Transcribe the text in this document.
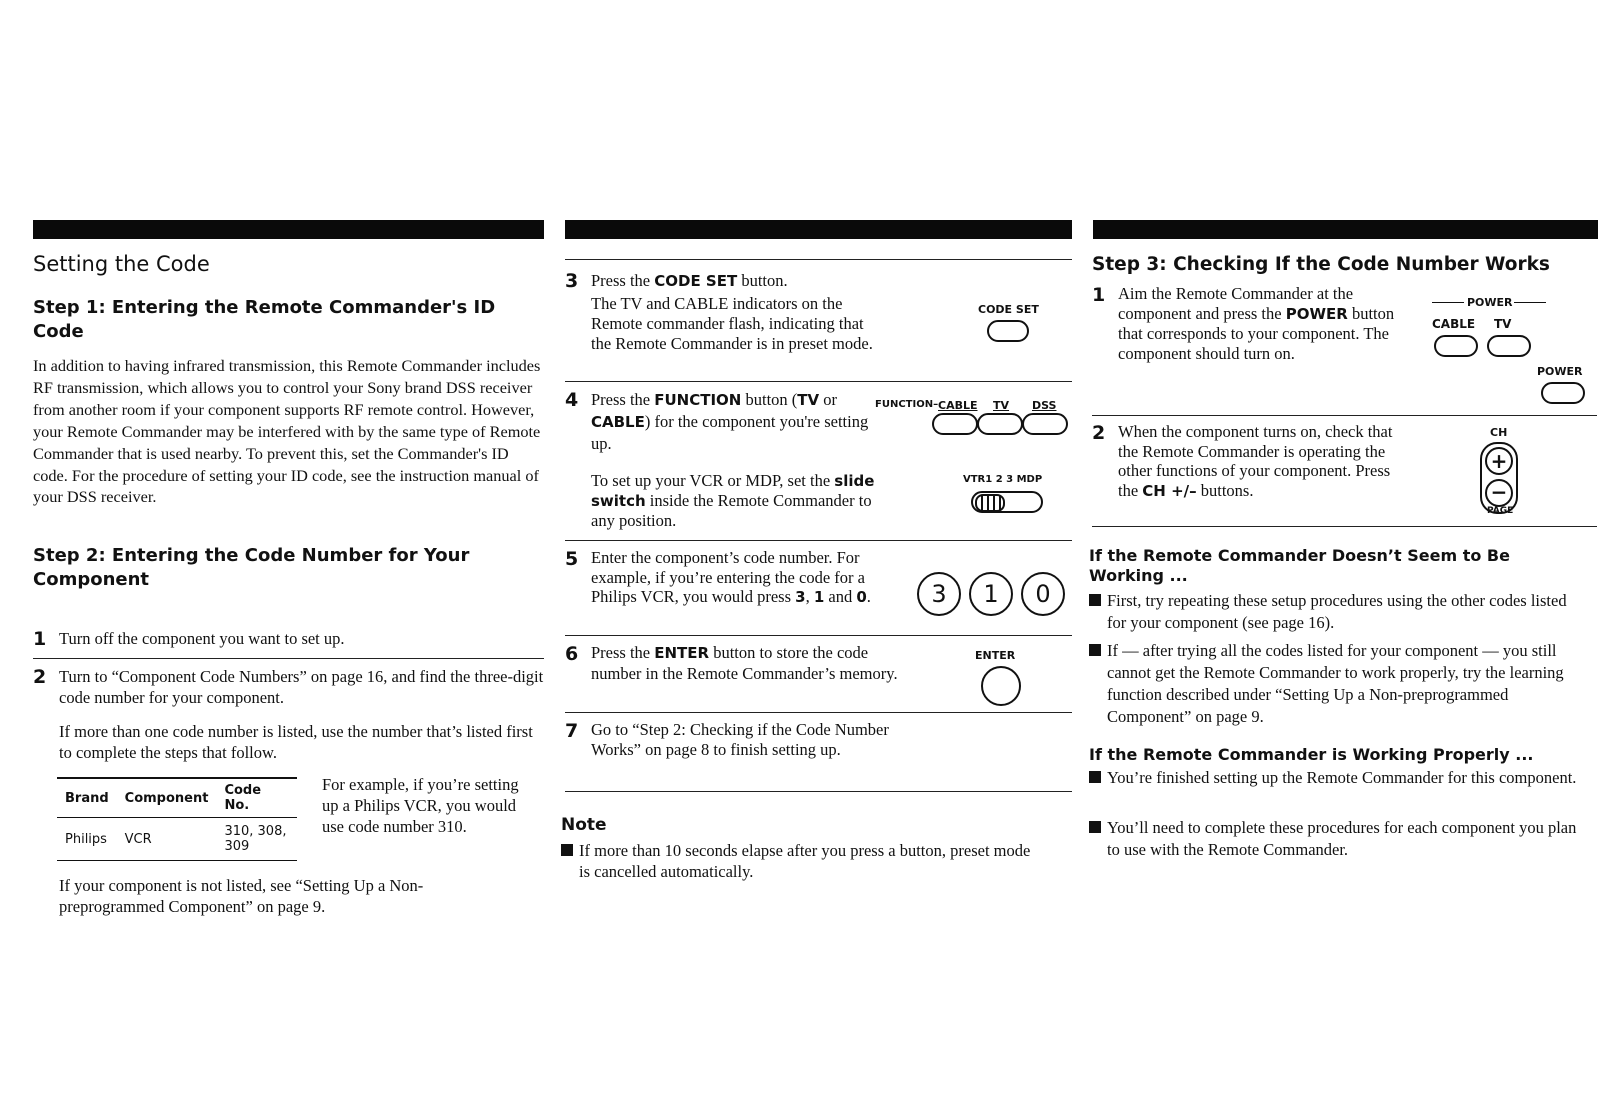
Setting the Code
Step 1: Entering the Remote Commander's ID Code

In addition to having infrared transmission, this Remote Commander includes RF transmission, which allows you to control your Sony brand DSS receiver from another room if your component supports RF remote control. However, your Remote Commander may be interfered with by the same type of Remote Commander that is used nearby. To prevent this, set the Commander's ID code. For the procedure of setting your ID code, see the instruction manual of your DSS receiver.

Step 2: Entering the Code Number for Your Component
1 Turn off the component you want to set up.

2 Turn to “Component Code Numbers” on page 16, and find the three-digit code number for your component.

If more than one code number is listed, use the number that’s listed first to complete the steps that follow.

Brand	Component	Code No.
Philips	VCR	310, 308, 309

For example, if you’re setting up a Philips VCR, you would use code number 310.

If your component is not listed, see “Setting Up a Non-preprogrammed Component” on page 9.

3 Press the CODE SET button.

The TV and CABLE indicators on the Remote commander flash, indicating that the Remote Commander is in preset mode.

CODE SET
4 Press the FUNCTION button (TV or CABLE) for the component you're setting up.

FUNCTION– CABLE TV DSS

To set up your VCR or MDP, set the slide switch inside the Remote Commander to any position.

VTR1 2 3 MDP
5 Enter the component’s code number. For example, if you’re entering the code for a Philips VCR, you would press 3, 1 and 0.	3	1	0
6 Press the ENTER button to store the code number in the Remote Commander’s memory.

ENTER
7 Go to “Step 2: Checking if the Code Number Works” on page 8 to finish setting up.

Note

If more than 10 seconds elapse after you press a button, preset mode is cancelled automatically.

Step 3: Checking If the Code Number Works
1 Aim the Remote Commander at the component and press the POWER button that corresponds to your component. The component should turn on.

POWER
CABLE TV
POWER
2 When the component turns on, check that the Remote Commander is operating the other functions of your component. Press the CH +/– buttons.

CH
+
−
PAGE
If the Remote Commander Doesn’t Seem to Be Working ...

First, try repeating these setup procedures using the other codes listed for your component (see page 16).

If — after trying all the codes listed for your component — you still cannot get the Remote Commander to work properly, try the learning function described under “Setting Up a Non-preprogrammed Component” on page 9.

If the Remote Commander is Working Properly ...

You’re finished setting up the Remote Commander for this component.

You’ll need to complete these procedures for each component you plan to use with the Remote Commander.
